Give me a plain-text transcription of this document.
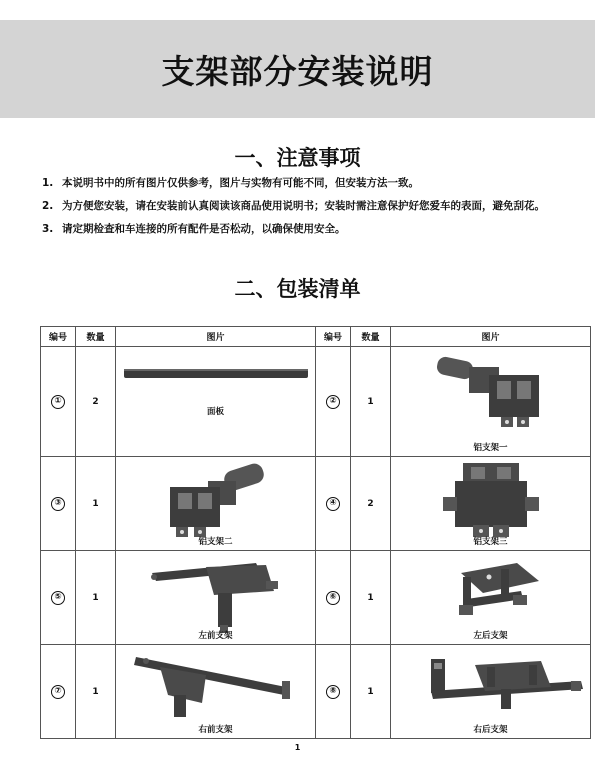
支架部分安装说明
一、注意事项
1. 本说明书中的所有图片仅供参考，图片与实物有可能不同，但安装方法一致。
2. 为方便您安装，请在安装前认真阅读该商品使用说明书；安装时需注意保护好您爱车的表面，避免刮花。
3. 请定期检查和车连接的所有配件是否松动，以确保使用安全。
二、包装清单
编号	数量	图片	编号	数量	图片
①	2	面板	②	1	铝支架一

③	1	铝支架二	④	2	铝支架三

⑤	1	左前支架	⑥	1	左后支架

⑦	1	右前支架	⑧	1	右后支架
1
